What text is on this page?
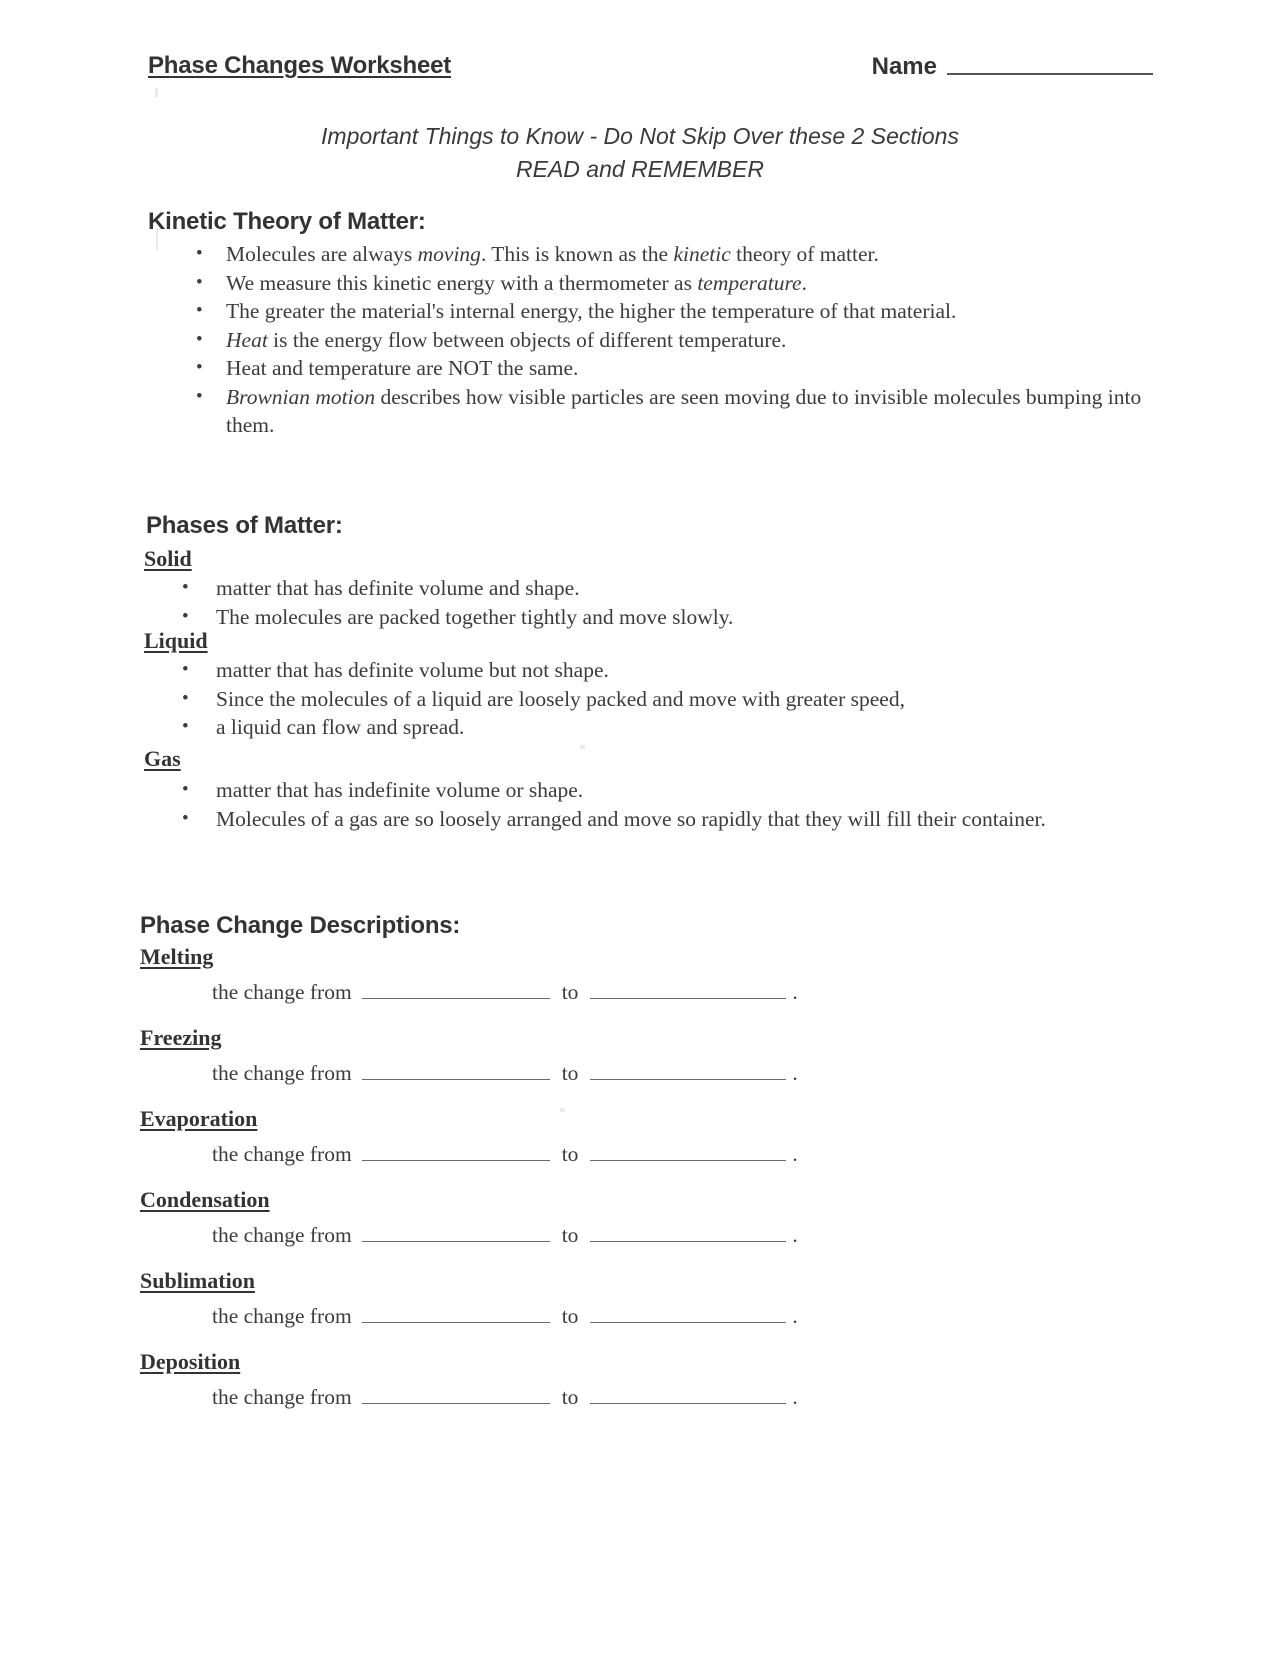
Phase Changes Worksheet	Name
Important Things to Know - Do Not Skip Over these 2 Sections
READ and REMEMBER
Kinetic Theory of Matter:
•	Molecules are always moving. This is known as the kinetic theory of matter.
•	We measure this kinetic energy with a thermometer as temperature.
•	The greater the material's internal energy, the higher the temperature of that material.
•	Heat is the energy flow between objects of different temperature.
•	Heat and temperature are NOT the same.
•	Brownian motion describes how visible particles are seen moving due to invisible molecules bumping into them.
Phases of Matter:
Solid
•	matter that has definite volume and shape.
•	The molecules are packed together tightly and move slowly.
Liquid
•	matter that has definite volume but not shape.
•	Since the molecules of a liquid are loosely packed and move with greater speed,
•	a liquid can flow and spread.
Gas
•	matter that has indefinite volume or shape.
•	Molecules of a gas are so loosely arranged and move so rapidly that they will fill their container.
Phase Change Descriptions:
Melting
the change from	to	.
Freezing
the change from	to	.
Evaporation
the change from	to	.
Condensation
the change from	to	.
Sublimation
the change from	to	.
Deposition
the change from	to	.
